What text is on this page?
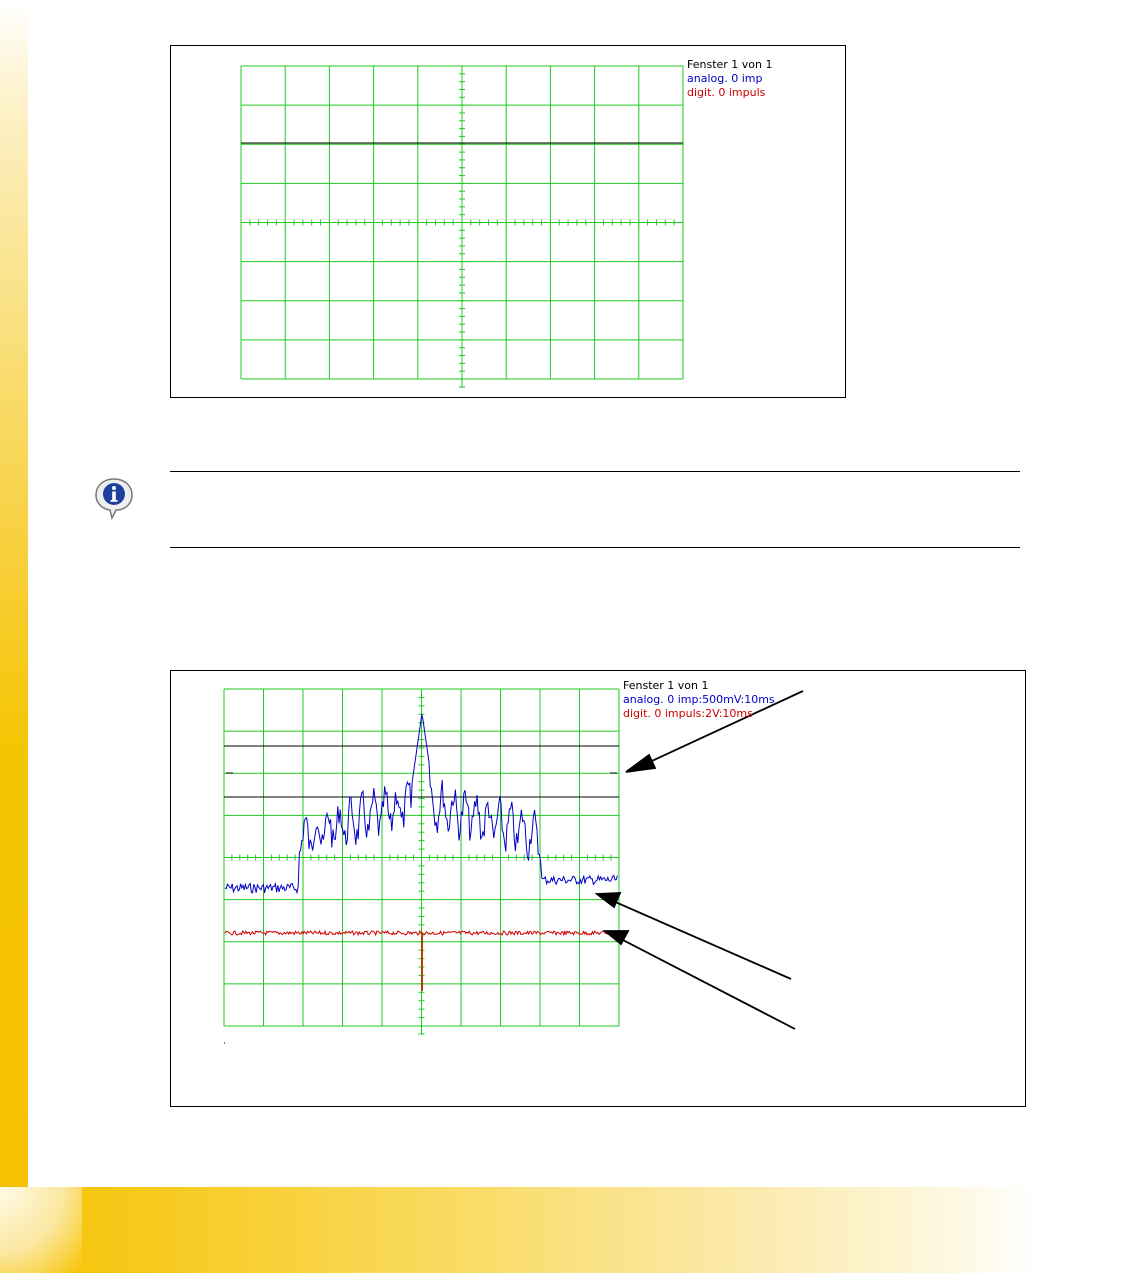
Fenster 1 von 1
analog. 0 imp
digit. 0 impuls
Fenster 1 von 1
analog. 0 imp:500mV:10ms
digit. 0 impuls:2V:10ms
